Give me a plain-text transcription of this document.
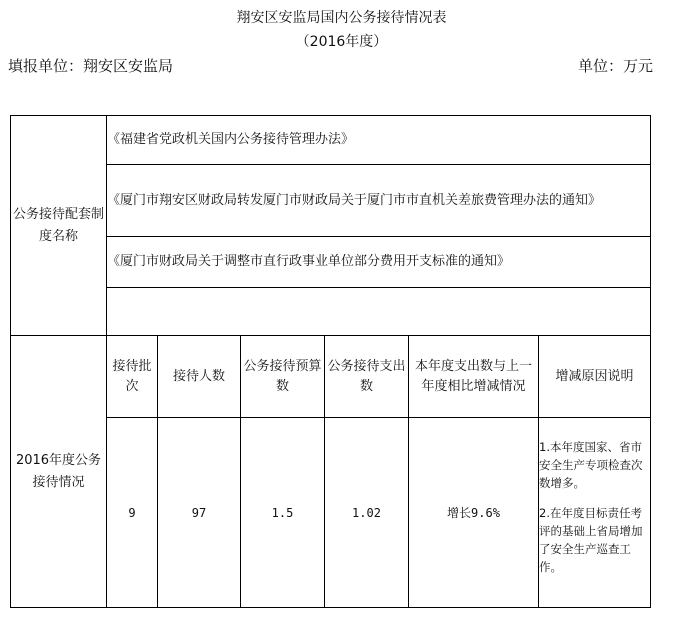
翔安区安监局国内公务接待情况表
（2016年度）
填报单位：翔安区安监局	单位：万元
公务接待配套制度名称	《福建省党政机关国内公务接待管理办法》					
	《厦门市翔安区财政局转发厦门市财政局关于厦门市市直机关差旅费管理办法的通知》					
	《厦门市财政局关于调整市直行政事业单位部分费用开支标准的通知》					

2016年度公务接待情况	接待批次	接待人数	公务接待预算数	公务接待支出数	本年度支出数与上一年度相比增减情况	增减原因说明
	9	97	1.5	1.02	增长9.6%	1.本年度国家、省市安全生产专项检查次数增多。

2.在年度目标责任考评的基础上省局增加了安全生产巡查工作。
